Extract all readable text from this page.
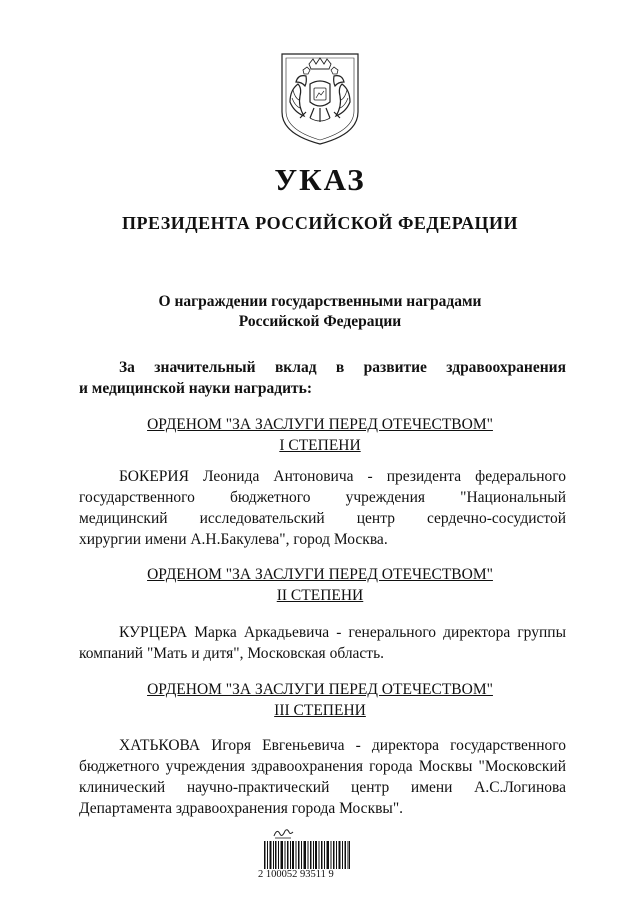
УКАЗ
ПРЕЗИДЕНТА РОССИЙСКОЙ ФЕДЕРАЦИИ
О награждении государственными наградами
Российской Федерации
За значительный вклад в развитие здравоохранения
и медицинской науки наградить:
ОРДЕНОМ "ЗА ЗАСЛУГИ ПЕРЕД ОТЕЧЕСТВОМ"
I СТЕПЕНИ
БОКЕРИЯ Леонида Антоновича - президента федерального
государственного бюджетного учреждения "Национальный
медицинский исследовательский центр сердечно-сосудистой
хирургии имени А.Н.Бакулева", город Москва.
ОРДЕНОМ "ЗА ЗАСЛУГИ ПЕРЕД ОТЕЧЕСТВОМ"
II СТЕПЕНИ
КУРЦЕРА Марка Аркадьевича - генерального директора группы
компаний "Мать и дитя", Московская область.
ОРДЕНОМ "ЗА ЗАСЛУГИ ПЕРЕД ОТЕЧЕСТВОМ"
III СТЕПЕНИ
ХАТЬКОВА Игоря Евгеньевича - директора государственного
бюджетного учреждения здравоохранения города Москвы "Московский
клинический научно-практический центр имени А.С.Логинова
Департамента здравоохранения города Москвы".
2 100052 93511 9
